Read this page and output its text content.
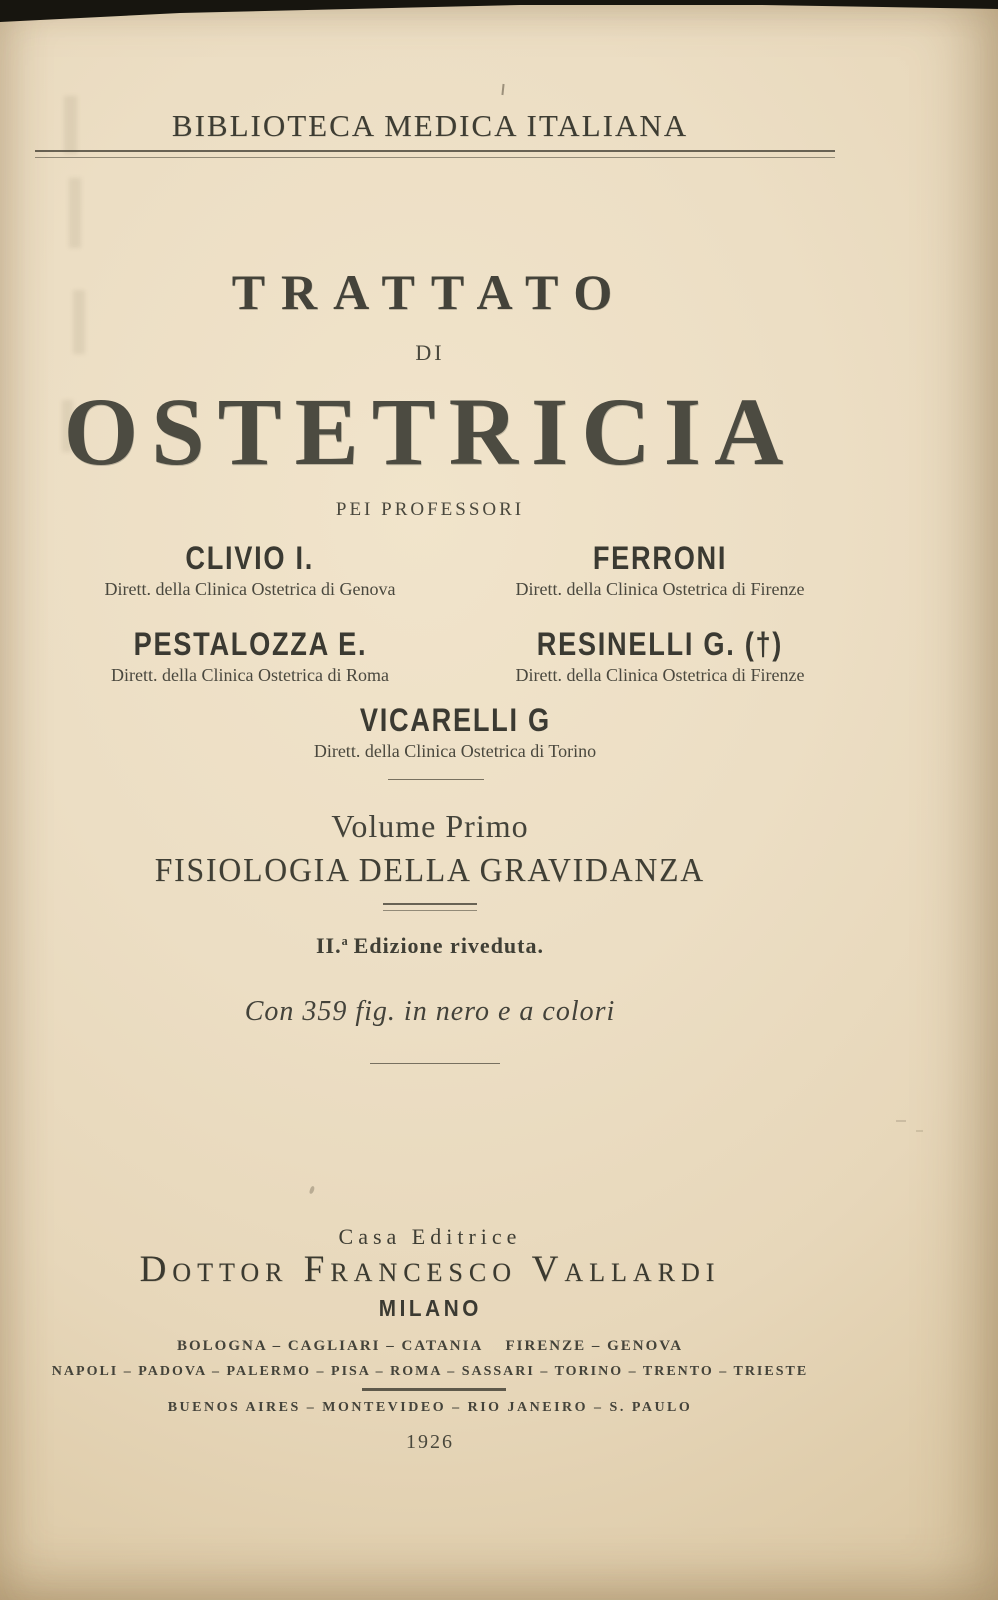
BIBLIOTECA MEDICA ITALIANA
TRATTATO
DI
OSTETRICIA
PEI PROFESSORI
CLIVIO I.	FERRONI
Dirett. della Clinica Ostetrica di Genova	Dirett. della Clinica Ostetrica di Firenze
PESTALOZZA E.	RESINELLI G. (†)
Dirett. della Clinica Ostetrica di Roma	Dirett. della Clinica Ostetrica di Firenze
VICARELLI G
Dirett. della Clinica Ostetrica di Torino
Volume Primo
FISIOLOGIA DELLA GRAVIDANZA
II.$^a$ Edizione riveduta.
Con 359 fig. in nero e a colori
Casa Editrice
Dottor Francesco Vallardi
MILANO
BOLOGNA – CAGLIARI – CATANIA    FIRENZE – GENOVA
NAPOLI – PADOVA – PALERMO – PISA – ROMA – SASSARI – TORINO – TRENTO – TRIESTE
BUENOS AIRES – MONTEVIDEO – RIO JANEIRO – S. PAULO
1926
